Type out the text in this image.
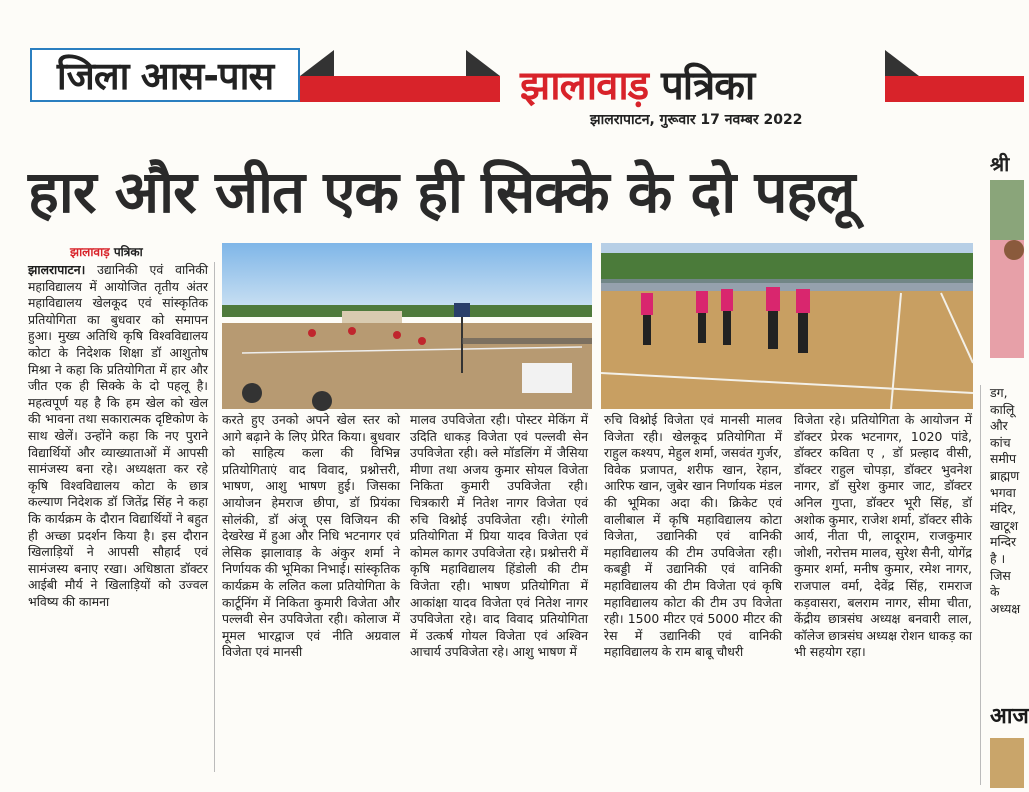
जिला आस-पास	झालावाड़ पत्रिका
झालरापाटन, गुरूवार 17 नवम्बर 2022
हार और जीत एक ही सिक्के के दो पहलू	श्री
झालावाड़ पत्रिका
झालरापाटन। उद्यानिकी एवं वानिकी महाविद्यालय में आयोजित तृतीय अंतर महाविद्यालय खेलकूद एवं सांस्कृतिक प्रतियोगिता का बुधवार को समापन हुआ। मुख्य अतिथि कृषि विश्वविद्यालय कोटा के निदेशक शिक्षा डॉ आशुतोष मिश्रा ने कहा कि प्रतियोगिता में हार और जीत एक ही सिक्के के दो पहलू है। महत्वपूर्ण यह है कि हम खेल को खेल की भावना तथा सकारात्मक दृष्टिकोण के साथ खेलें। उन्होंने कहा कि नए पुराने विद्यार्थियों और व्याख्याताओं में आपसी सामंजस्य बना रहे। अध्यक्षता कर रहे कृषि विश्वविद्यालय कोटा के छात्र कल्याण निदेशक डॉ जितेंद्र सिंह ने कहा कि कार्यक्रम के दौरान विद्यार्थियों ने बहुत ही अच्छा प्रदर्शन किया है। इस दौरान खिलाड़ियों ने आपसी सौहार्द एवं सामंजस्य बनाए रखा। अधिष्ठाता डॉक्टर आईबी मौर्य ने खिलाड़ियों को उज्वल भविष्य की कामना
करते हुए उनको अपने खेल स्तर को आगे बढ़ाने के लिए प्रेरित किया। बुधवार को साहित्य कला की विभिन्न प्रतियोगिताएं वाद विवाद, प्रश्नोत्तरी, भाषण, आशु भाषण हुई। जिसका आयोजन हेमराज छीपा, डॉ प्रियंका सोलंकी, डॉ अंजू एस विजियन की देखरेख में हुआ और निधि भटनागर एवं लेसिक झालावाड़ के अंकुर शर्मा ने निर्णायक की भूमिका निभाई। सांस्कृतिक कार्यक्रम के ललित कला प्रतियोगिता के कार्टूनिंग में निकिता कुमारी विजेता और पल्लवी सेन उपविजेता रही। कोलाज में मूमल भारद्वाज एवं नीति अग्रवाल विजेता एवं मानसी
मालव उपविजेता रही। पोस्टर मेकिंग में उदिति धाकड़ विजेता एवं पल्लवी सेन उपविजेता रही। क्ले मॉडलिंग में जैसिया मीणा तथा अजय कुमार सोयल विजेता निकिता कुमारी उपविजेता रही। चित्रकारी में नितेश नागर विजेता एवं रुचि विश्नोई उपविजेता रही। रंगोली प्रतियोगिता में प्रिया यादव विजेता एवं कोमल कागर उपविजेता रहे। प्रश्नोत्तरी में कृषि महाविद्यालय हिंडोली की टीम विजेता रही। भाषण प्रतियोगिता में आकांक्षा यादव विजेता एवं नितेश नागर उपविजेता रहे। वाद विवाद प्रतियोगिता में उत्कर्ष गोयल विजेता एवं अश्विन आचार्य उपविजेता रहे। आशु भाषण में
रुचि विश्नोई विजेता एवं मानसी मालव विजेता रही। खेलकूद प्रतियोगिता में राहुल कश्यप, मेहुल शर्मा, जसवंत गुर्जर, विवेक प्रजापत, शरीफ खान, रेहान, आरिफ खान, जुबेर खान निर्णायक मंडल की भूमिका अदा की। क्रिकेट एवं वालीबाल में कृषि महाविद्यालय कोटा विजेता, उद्यानिकी एवं वानिकी महाविद्यालय की टीम उपविजेता रही। कबड्डी में उद्यानिकी एवं वानिकी महाविद्यालय की टीम विजेता एवं कृषि महाविद्यालय कोटा की टीम उप विजेता रही। 1500 मीटर एवं 5000 मीटर की रेस में उद्यानिकी एवं वानिकी महाविद्यालय के राम बाबू चौधरी
विजेता रहे। प्रतियोगिता के आयोजन में डॉक्टर प्रेरक भटनागर, 1020 पांडे, डॉक्टर कविता ए , डॉ प्रल्हाद वीसी, डॉक्टर राहुल चोपड़ा, डॉक्टर भुवनेश नागर, डॉ सुरेश कुमार जाट, डॉक्टर अनिल गुप्ता, डॉक्टर भूरी सिंह, डॉ अशोक कुमार, राजेश शर्मा, डॉक्टर सीके आर्य, नीता पी, लादूराम, राजकुमार जोशी, नरोत्तम मालव, सुरेश सैनी, योगेंद्र कुमार शर्मा, मनीष कुमार, रमेश नागर, राजपाल वर्मा, देवेंद्र सिंह, रामराज कड़वासरा, बलराम नागर, सीमा चीता, केंद्रीय छात्रसंघ अध्यक्ष बनवारी लाल, कॉलेज छात्रसंघ अध्यक्ष रोशन धाकड़ का भी सहयोग रहा।
डग, कालूि और कांच समीप ब्राह्मण भगवा मंदिर, खाटूश मन्दिर है । जिस के अध्यक्ष
आज
